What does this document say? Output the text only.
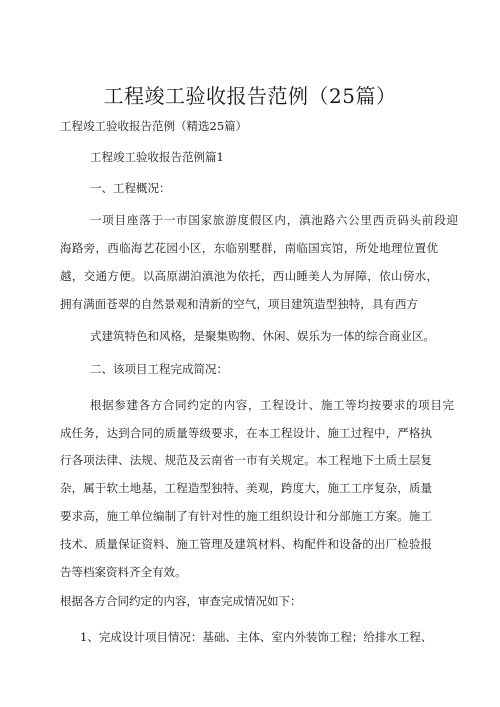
工程竣工验收报告范例（25篇）
工程竣工验收报告范例（精选25篇）
工程竣工验收报告范例篇1
一、工程概况：
一项目座落于一市国家旅游度假区内，滇池路六公里西贡码头前段迎
海路旁，西临海艺花园小区，东临别墅群，南临国宾馆，所处地理位置优
越，交通方便。以高原湖泊滇池为依托，西山睡美人为屏障，依山傍水，
拥有满面苍翠的自然景观和清新的空气，项目建筑造型独特，具有西方
式建筑特色和风格，是聚集购物、休闲、娱乐为一体的综合商业区。
二、该项目工程完成简况：
根据参建各方合同约定的内容，工程设计、施工等均按要求的项目完
成任务，达到合同的质量等级要求，在本工程设计、施工过程中，严格执
行各项法律、法规、规范及云南省一市有关规定。本工程地下土质土层复
杂，属于软土地基，工程造型独特、美观，跨度大，施工工序复杂，质量
要求高，施工单位编制了有针对性的施工组织设计和分部施工方案。施工
技术、质量保证资料、施工管理及建筑材料、构配件和设备的出厂检验报
告等档案资料齐全有效。
根据各方合同约定的内容，审查完成情况如下：
1、完成设计项目情况：基础、主体、室内外装饰工程；给排水工程、
